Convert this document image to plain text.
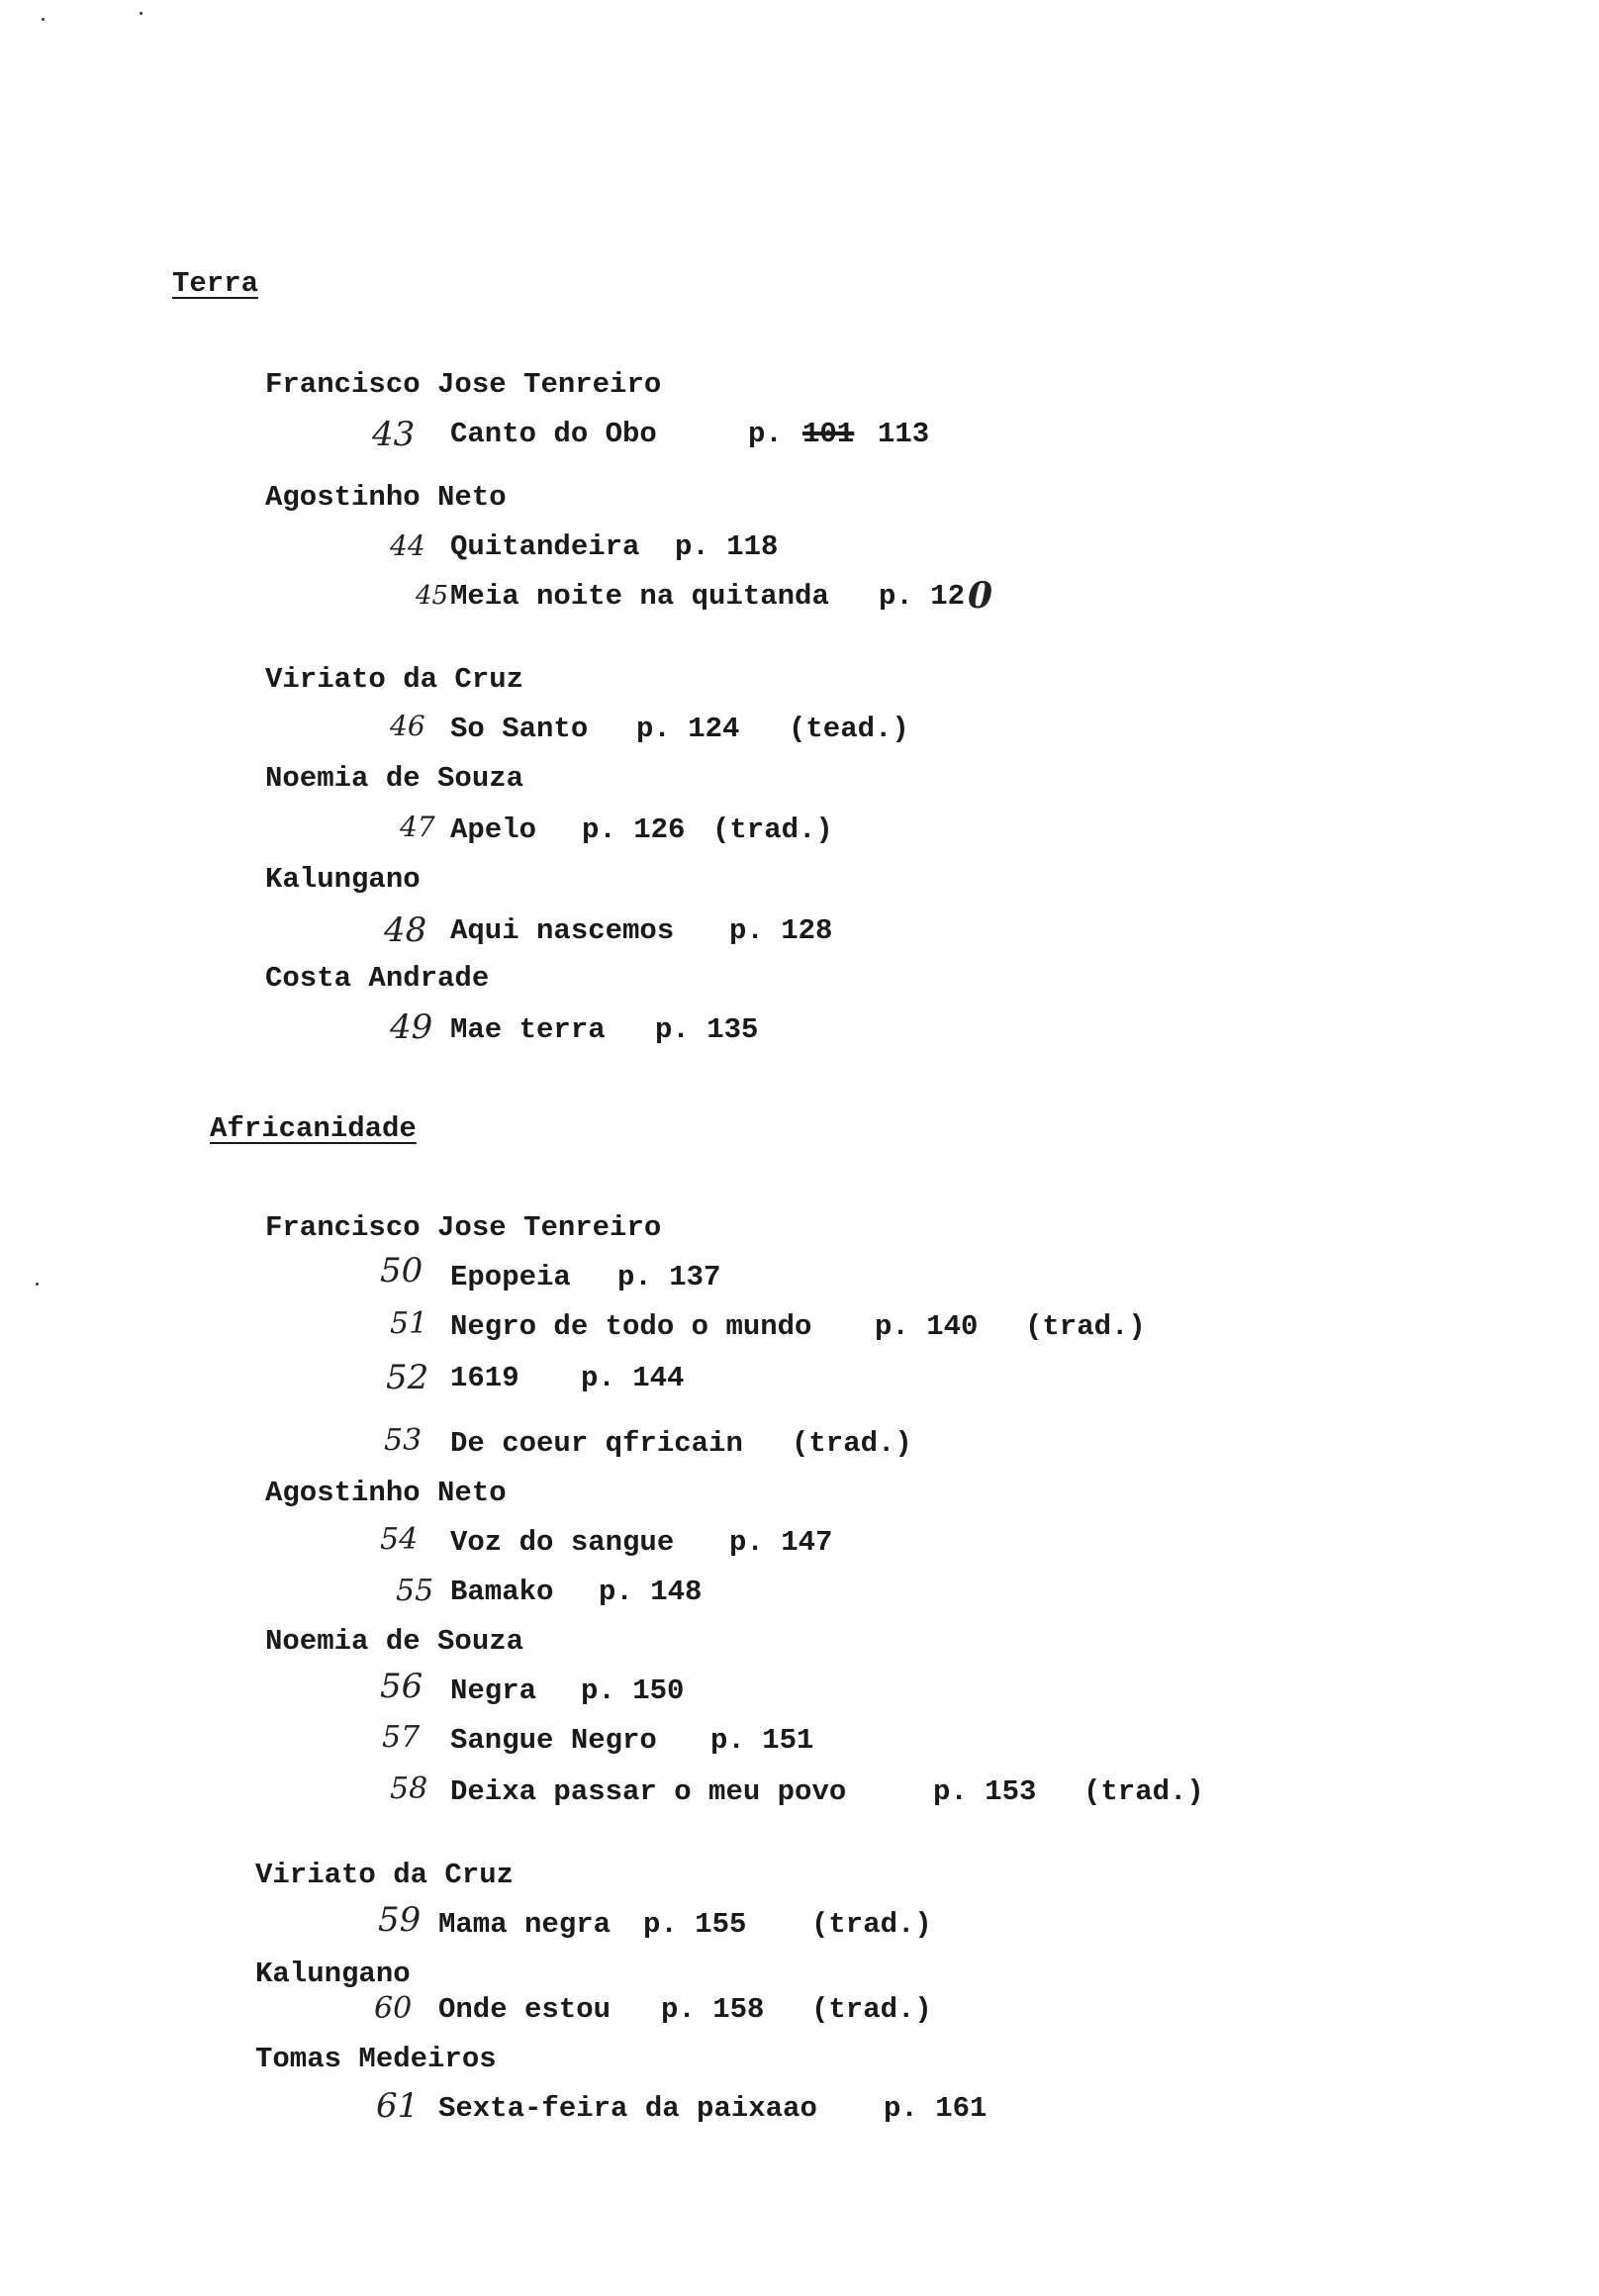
Terra
Francisco Jose Tenreiro
43 Canto do Obo	p. 101 113
Agostinho Neto
44 Quitandeira p. 118
45 Meia noite na quitanda p. 12 0
Viriato da Cruz
46 So Santo p. 124 (tead.)
Noemia de Souza
47 Apelo p. 126 (trad.)
Kalungano
48 Aqui nascemos p. 128
Costa Andrade
49 Mae terra p. 135
Africanidade
Francisco Jose Tenreiro
50 Epopeia p. 137
51 Negro de todo o mundo p. 140 (trad.)
52 1619 p. 144
53 De coeur qfricain (trad.)
Agostinho Neto
54 Voz do sangue p. 147
55 Bamako p. 148
Noemia de Souza
56 Negra p. 150
57 Sangue Negro p. 151
58 Deixa passar o meu povo	p. 153 (trad.)
Viriato da Cruz
59 Mama negra p. 155 (trad.)
Kalungano
60 Onde estou p. 158 (trad.)
Tomas Medeiros
61 Sexta-feira da paixaao p. 161
